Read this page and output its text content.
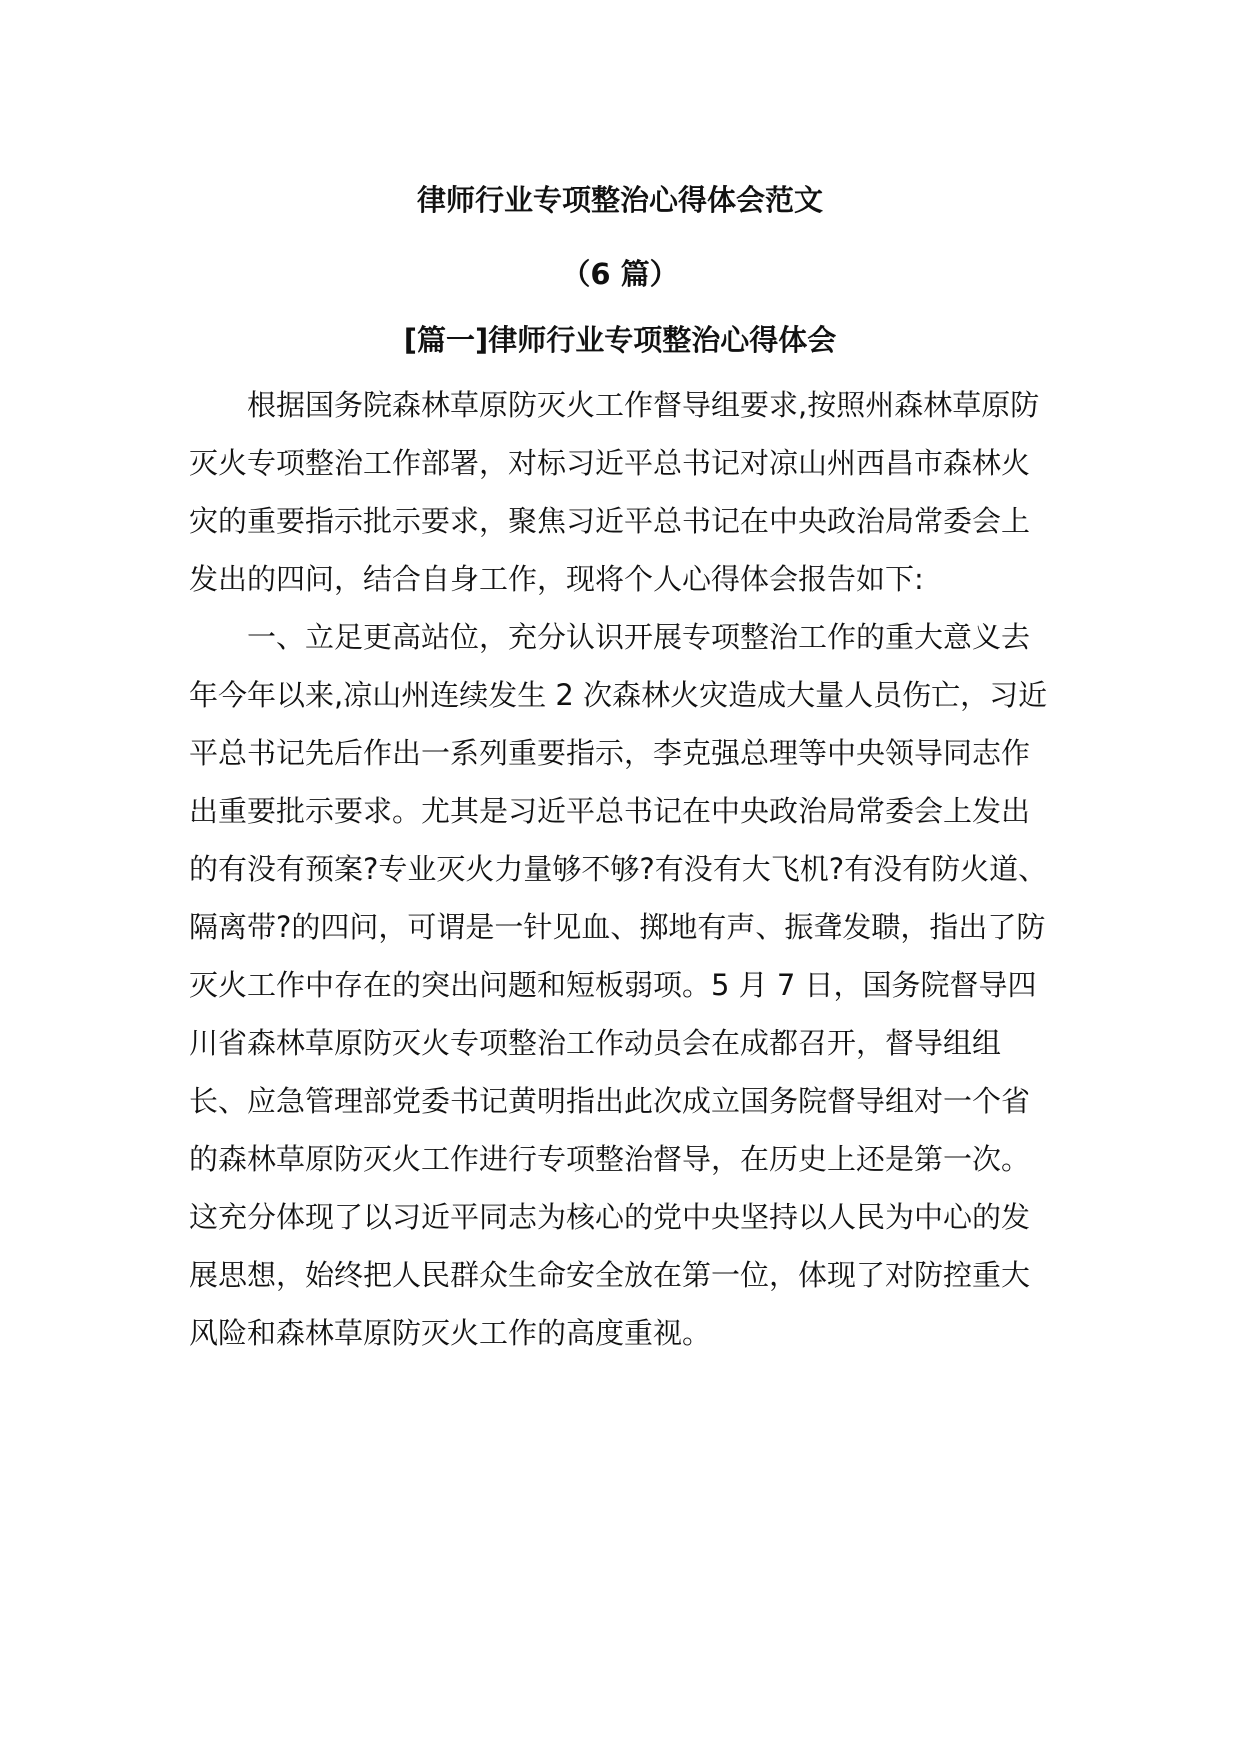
律师行业专项整治心得体会范文
（6 篇）
[篇一]律师行业专项整治心得体会
根据国务院森林草原防灭火工作督导组要求,按照州森林草原防
灭火专项整治工作部署，对标习近平总书记对凉山州西昌市森林火
灾的重要指示批示要求，聚焦习近平总书记在中央政治局常委会上
发出的四问，结合自身工作，现将个人心得体会报告如下:
一、立足更高站位，充分认识开展专项整治工作的重大意义去
年今年以来,凉山州连续发生 2 次森林火灾造成大量人员伤亡，习近
平总书记先后作出一系列重要指示，李克强总理等中央领导同志作
出重要批示要求。尤其是习近平总书记在中央政治局常委会上发出
的有没有预案?专业灭火力量够不够?有没有大飞机?有没有防火道、
隔离带?的四问，可谓是一针见血、掷地有声、振聋发聩，指出了防
灭火工作中存在的突出问题和短板弱项。5 月 7 日，国务院督导四
川省森林草原防灭火专项整治工作动员会在成都召开，督导组组
长、应急管理部党委书记黄明指出此次成立国务院督导组对一个省
的森林草原防灭火工作进行专项整治督导，在历史上还是第一次。
这充分体现了以习近平同志为核心的党中央坚持以人民为中心的发
展思想，始终把人民群众生命安全放在第一位，体现了对防控重大
风险和森林草原防灭火工作的高度重视。
